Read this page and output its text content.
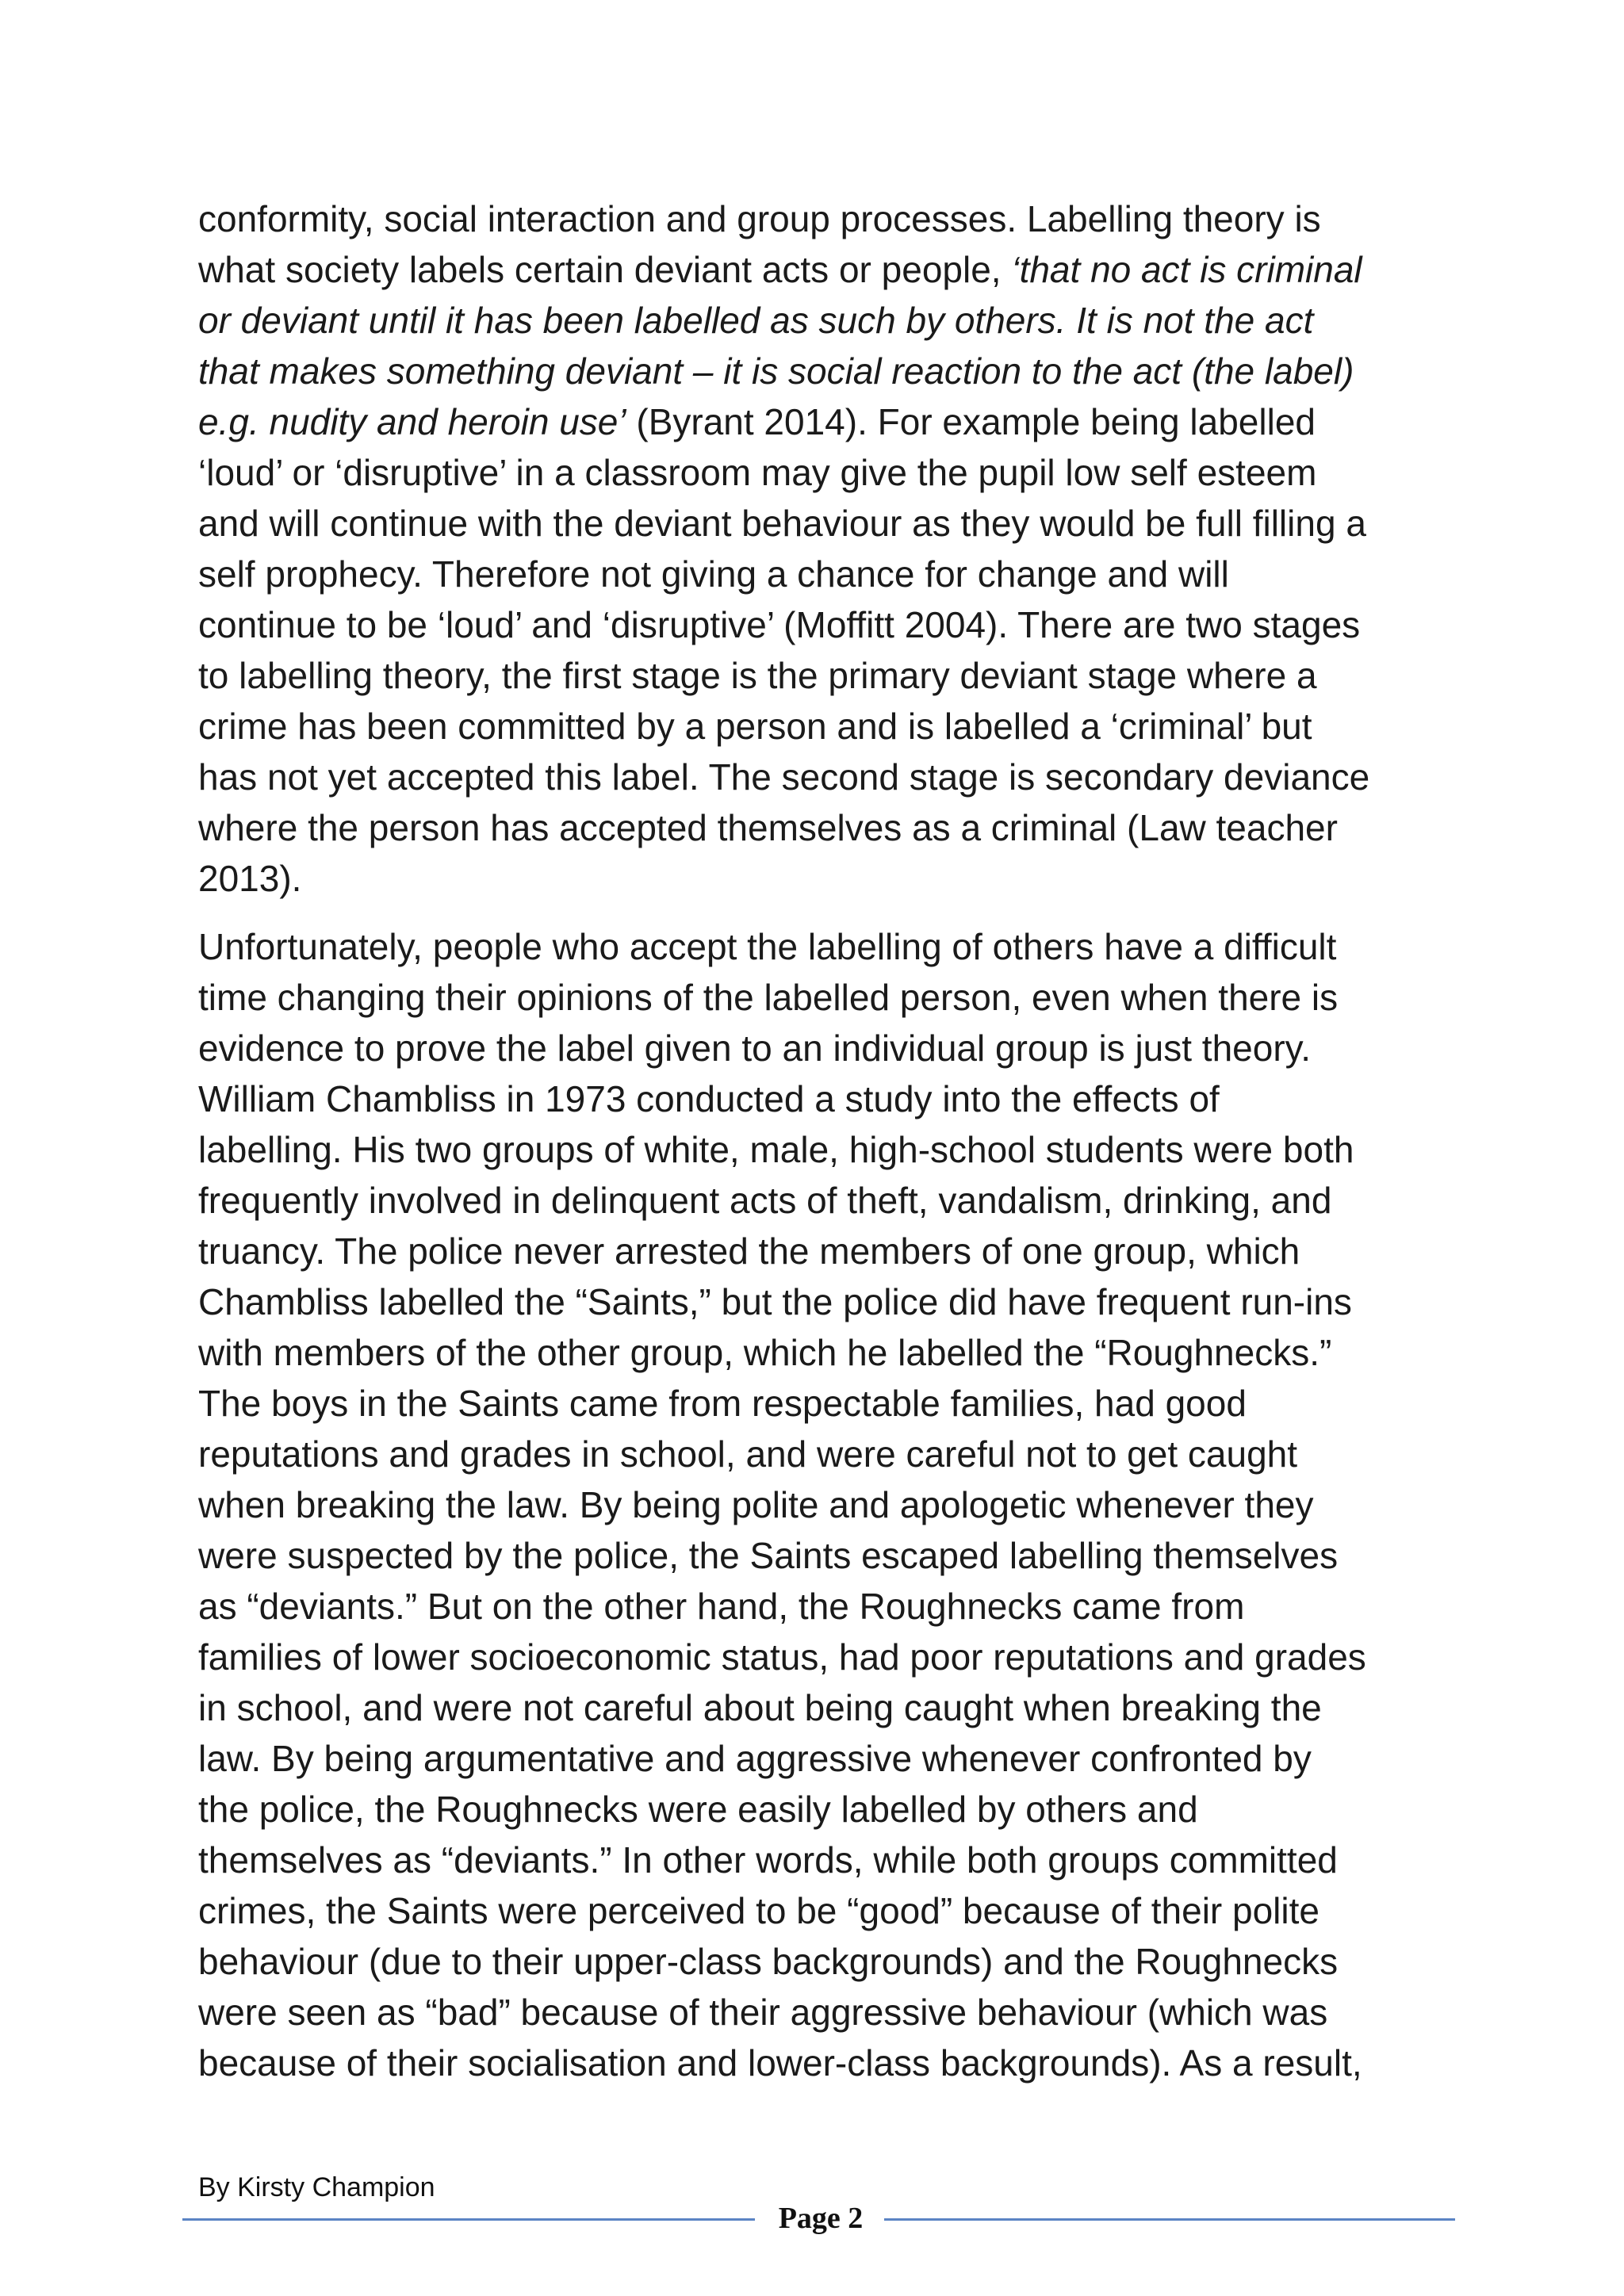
conformity, social interaction and group processes. Labelling theory is
what society labels certain deviant acts or people, ‘that no act is criminal
or deviant until it has been labelled as such by others. It is not the act
that makes something deviant – it is social reaction to the act (the label)
e.g. nudity and heroin use’ (Byrant 2014). For example being labelled
‘loud’ or ‘disruptive’ in a classroom may give the pupil low self esteem
and will continue with the deviant behaviour as they would be full filling a
self prophecy. Therefore not giving a chance for change and will
continue to be ‘loud’ and ‘disruptive’ (Moffitt 2004). There are two stages
to labelling theory, the first stage is the primary deviant stage where a
crime has been committed by a person and is labelled a ‘criminal’ but
has not yet accepted this label. The second stage is secondary deviance
where the person has accepted themselves as a criminal (Law teacher
2013).

Unfortunately, people who accept the labelling of others have a difficult
time changing their opinions of the labelled person, even when there is
evidence to prove the label given to an individual group is just theory.
William Chambliss in 1973 conducted a study into the effects of
labelling. His two groups of white, male, high-school students were both
frequently involved in delinquent acts of theft, vandalism, drinking, and
truancy. The police never arrested the members of one group, which
Chambliss labelled the “Saints,” but the police did have frequent run-ins
with members of the other group, which he labelled the “Roughnecks.”
The boys in the Saints came from respectable families, had good
reputations and grades in school, and were careful not to get caught
when breaking the law. By being polite and apologetic whenever they
were suspected by the police, the Saints escaped labelling themselves
as “deviants.” But on the other hand, the Roughnecks came from
families of lower socioeconomic status, had poor reputations and grades
in school, and were not careful about being caught when breaking the
law. By being argumentative and aggressive whenever confronted by
the police, the Roughnecks were easily labelled by others and
themselves as “deviants.” In other words, while both groups committed
crimes, the Saints were perceived to be “good” because of their polite
behaviour (due to their upper-class backgrounds) and the Roughnecks
were seen as “bad” because of their aggressive behaviour (which was
because of their socialisation and lower-class backgrounds). As a result,

By Kirsty Champion
Page 2
